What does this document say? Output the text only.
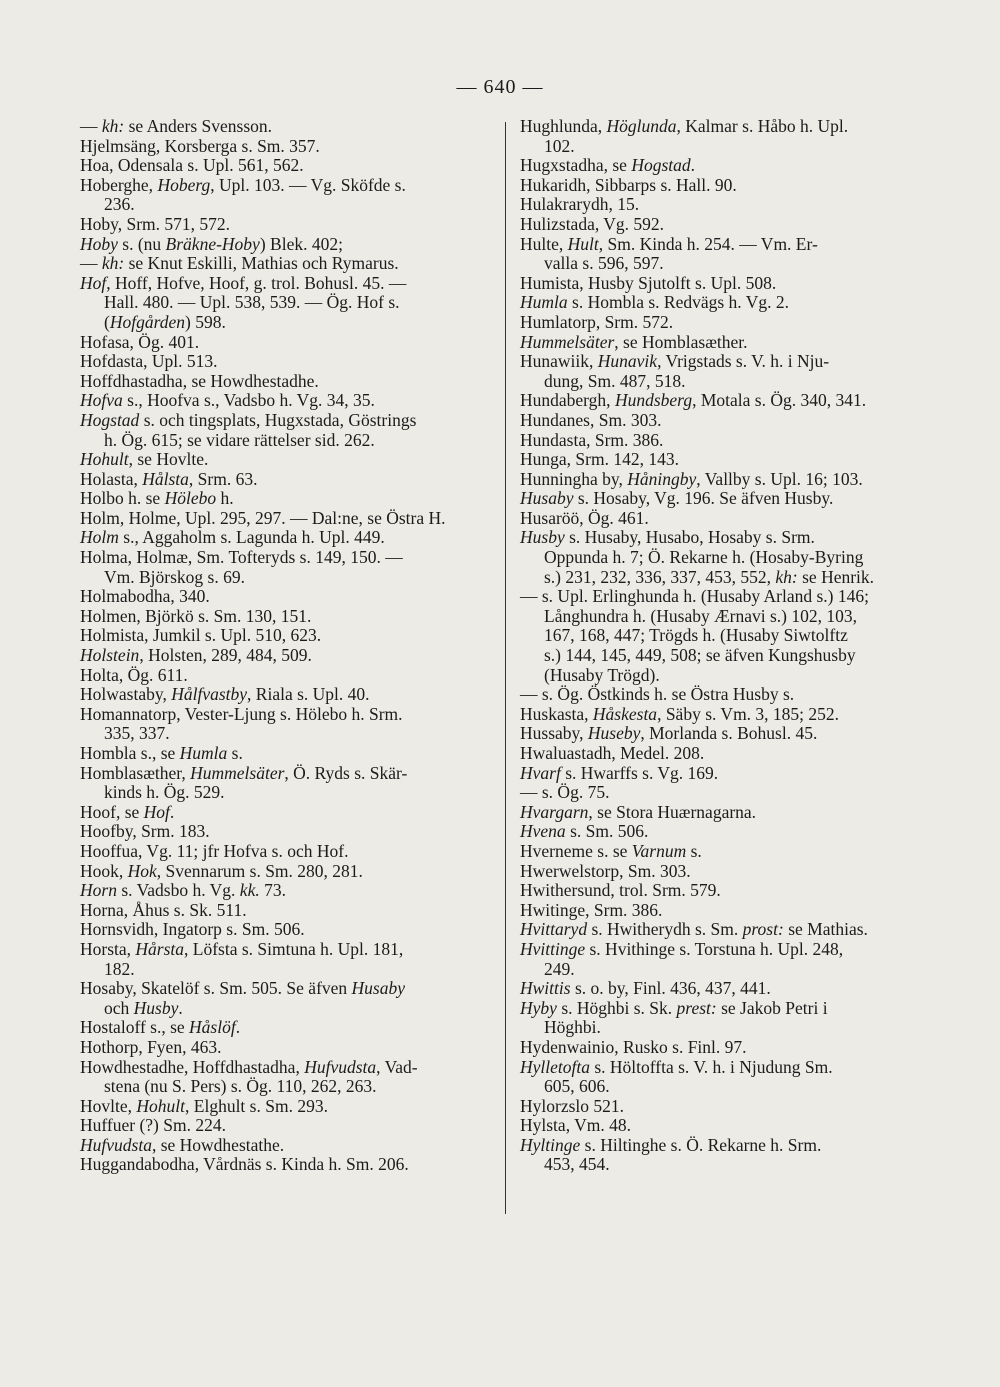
— 640 —
— kh: se Anders Svensson.
Hjelmsäng, Korsberga s. Sm. 357.
Hoa, Odensala s. Upl. 561, 562.
Hoberghe, Hoberg, Upl. 103. — Vg. Sköfde s.
236.
Hoby, Srm. 571, 572.
Hoby s. (nu Bräkne-Hoby) Blek. 402;
— kh: se Knut Eskilli, Mathias och Rymarus.
Hof, Hoff, Hofve, Hoof, g. trol. Bohusl. 45. —
Hall. 480. — Upl. 538, 539. — Ög. Hof s.
(Hofgården) 598.
Hofasa, Ög. 401.
Hofdasta, Upl. 513.
Hoffdhastadha, se Howdhestadhe.
Hofva s., Hoofva s., Vadsbo h. Vg. 34, 35.
Hogstad s. och tingsplats, Hugxstada, Göstrings
h. Ög. 615; se vidare rättelser sid. 262.
Hohult, se Hovlte.
Holasta, Hålsta, Srm. 63.
Holbo h. se Hölebo h.
Holm, Holme, Upl. 295, 297. — Dal:ne, se Östra H.
Holm s., Aggaholm s. Lagunda h. Upl. 449.
Holma, Holmæ, Sm. Tofteryds s. 149, 150. —
Vm. Björskog s. 69.
Holmabodha, 340.
Holmen, Björkö s. Sm. 130, 151.
Holmista, Jumkil s. Upl. 510, 623.
Holstein, Holsten, 289, 484, 509.
Holta, Ög. 611.
Holwastaby, Hålfvastby, Riala s. Upl. 40.
Homannatorp, Vester-Ljung s. Hölebo h. Srm.
335, 337.
Hombla s., se Humla s.
Homblasæther, Hummelsäter, Ö. Ryds s. Skär-
kinds h. Ög. 529.
Hoof, se Hof.
Hoofby, Srm. 183.
Hooffua, Vg. 11; jfr Hofva s. och Hof.
Hook, Hok, Svennarum s. Sm. 280, 281.
Horn s. Vadsbo h. Vg. kk. 73.
Horna, Åhus s. Sk. 511.
Hornsvidh, Ingatorp s. Sm. 506.
Horsta, Hårsta, Löfsta s. Simtuna h. Upl. 181,
182.
Hosaby, Skatelöf s. Sm. 505. Se äfven Husaby
och Husby.
Hostaloff s., se Håslöf.
Hothorp, Fyen, 463.
Howdhestadhe, Hoffdhastadha, Hufvudsta, Vad-
stena (nu S. Pers) s. Ög. 110, 262, 263.
Hovlte, Hohult, Elghult s. Sm. 293.
Huffuer (?) Sm. 224.
Hufvudsta, se Howdhestathe.
Huggandabodha, Vårdnäs s. Kinda h. Sm. 206.
Hughlunda, Höglunda, Kalmar s. Håbo h. Upl.
102.
Hugxstadha, se Hogstad.
Hukaridh, Sibbarps s. Hall. 90.
Hulakrarydh, 15.
Hulizstada, Vg. 592.
Hulte, Hult, Sm. Kinda h. 254. — Vm. Er-
valla s. 596, 597.
Humista, Husby Sjutolft s. Upl. 508.
Humla s. Hombla s. Redvägs h. Vg. 2.
Humlatorp, Srm. 572.
Hummelsäter, se Homblasæther.
Hunawiik, Hunavik, Vrigstads s. V. h. i Nju-
dung, Sm. 487, 518.
Hundabergh, Hundsberg, Motala s. Ög. 340, 341.
Hundanes, Sm. 303.
Hundasta, Srm. 386.
Hunga, Srm. 142, 143.
Hunningha by, Håningby, Vallby s. Upl. 16; 103.
Husaby s. Hosaby, Vg. 196. Se äfven Husby.
Husaröö, Ög. 461.
Husby s. Husaby, Husabo, Hosaby s. Srm.
Oppunda h. 7; Ö. Rekarne h. (Hosaby-Byring
s.) 231, 232, 336, 337, 453, 552, kh: se Henrik.
— s. Upl. Erlinghunda h. (Husaby Arland s.) 146;
Långhundra h. (Husaby Ærnavi s.) 102, 103,
167, 168, 447; Trögds h. (Husaby Siwtolftz
s.) 144, 145, 449, 508; se äfven Kungshusby
(Husaby Trögd).
— s. Ög. Östkinds h. se Östra Husby s.
Huskasta, Håskesta, Säby s. Vm. 3, 185; 252.
Hussaby, Huseby, Morlanda s. Bohusl. 45.
Hwaluastadh, Medel. 208.
Hvarf s. Hwarffs s. Vg. 169.
— s. Ög. 75.
Hvargarn, se Stora Huærnagarna.
Hvena s. Sm. 506.
Hverneme s. se Varnum s.
Hwerwelstorp, Sm. 303.
Hwithersund, trol. Srm. 579.
Hwitinge, Srm. 386.
Hvittaryd s. Hwitherydh s. Sm. prost: se Mathias.
Hvittinge s. Hvithinge s. Torstuna h. Upl. 248,
249.
Hwittis s. o. by, Finl. 436, 437, 441.
Hyby s. Höghbi s. Sk. prest: se Jakob Petri i
Höghbi.
Hydenwainio, Rusko s. Finl. 97.
Hylletofta s. Höltoffta s. V. h. i Njudung Sm.
605, 606.
Hylorzslo 521.
Hylsta, Vm. 48.
Hyltinge s. Hiltinghe s. Ö. Rekarne h. Srm.
453, 454.
